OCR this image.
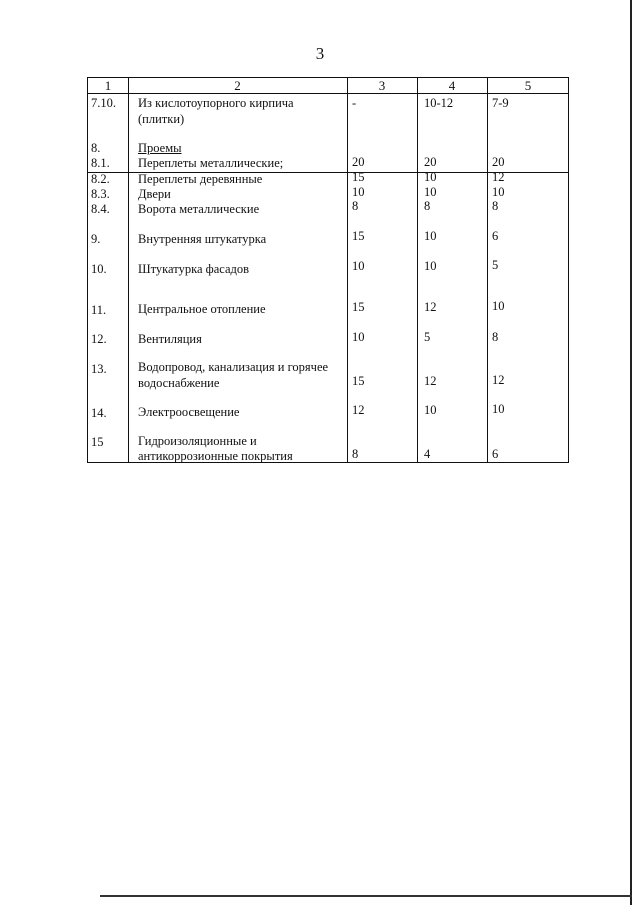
3
1	2	3	4	5
7.10. Из кислотоупорного кирпича
(плитки)
-	10-12	7-9
8.	Проемы
8.1. Переплеты металлические;	20	20	20
8.2. Переплеты деревянные	15	10	12
8.3. Двери	10	10	10
8.4. Ворота металлические	8	8	8
9.	Внутренняя штукатурка	15	10	6
10.	Штукатурка фасадов	10	10	5
11.	Центральное отопление	15	12	10
12.	Вентиляция	10	5	8
13.	Водопровод, канализация и горячее
водоснабжение	15	12	12
14.	Электроосвещение	12	10	10
15	Гидроизоляционные и
антикоррозионные покрытия	8	4	6
